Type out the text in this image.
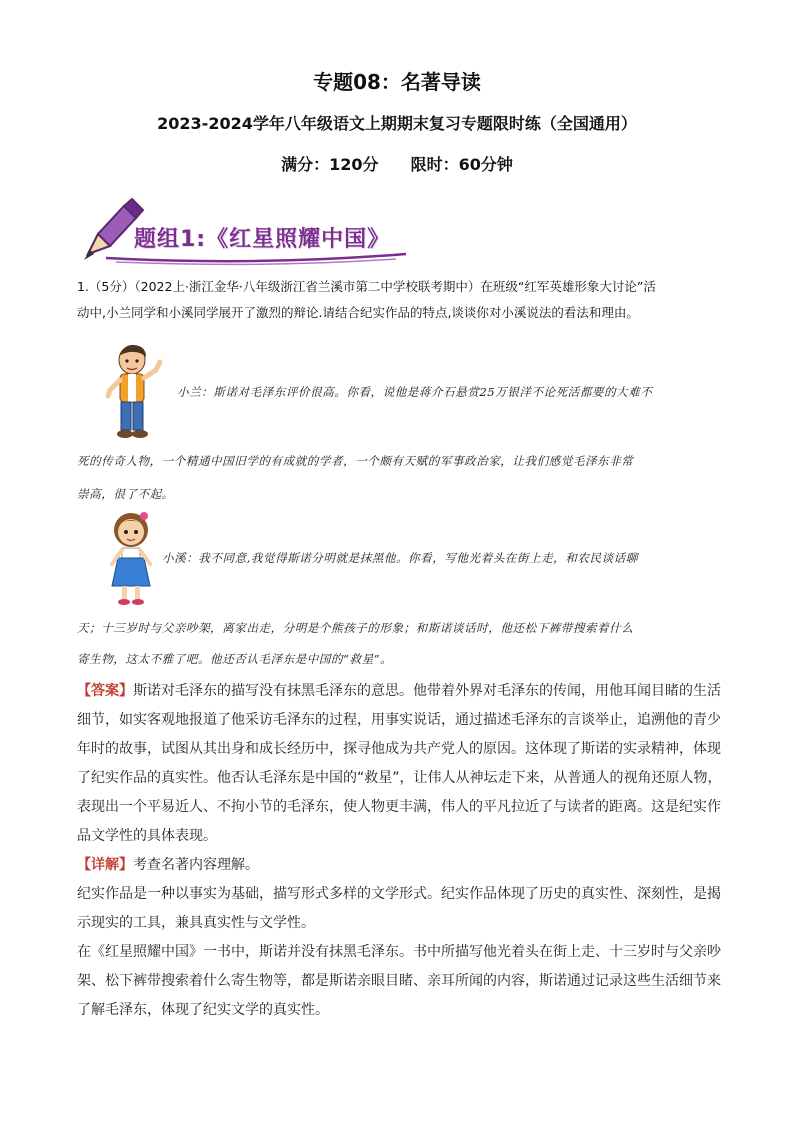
专题08：名著导读
2023-2024学年八年级语文上期期末复习专题限时练（全国通用）
满分：120分 限时：60分钟
题组1:《红星照耀中国》
1.（5分）（2022上·浙江金华·八年级浙江省兰溪市第二中学校联考期中）在班级“红军英雄形象大讨论”活
动中,小兰同学和小溪同学展开了激烈的辩论.请结合纪实作品的特点,谈谈你对小溪说法的看法和理由。
小兰：斯诺对毛泽东评价很高。你看，说他是蒋介石悬赏25万银洋不论死活都要的大难不
死的传奇人物，一个精通中国旧学的有成就的学者，一个颇有天赋的军事政治家，让我们感觉毛泽东非常
崇高，很了不起。
小溪：我不同意,我觉得斯诺分明就是抹黑他。你看，写他光着头在街上走，和农民谈话聊
天；十三岁时与父亲吵架，离家出走，分明是个熊孩子的形象；和斯诺谈话时，他还松下裤带搜索着什么
寄生物，这太不雅了吧。他还否认毛泽东是中国的“救星”。
【答案】斯诺对毛泽东的描写没有抹黑毛泽东的意思。他带着外界对毛泽东的传闻，用他耳闻目睹的生活
细节，如实客观地报道了他采访毛泽东的过程，用事实说话，通过描述毛泽东的言谈举止，追溯他的青少
年时的故事，试图从其出身和成长经历中，探寻他成为共产党人的原因。这体现了斯诺的实录精神，体现
了纪实作品的真实性。他否认毛泽东是中国的“救星”，让伟人从神坛走下来，从普通人的视角还原人物，
表现出一个平易近人、不拘小节的毛泽东，使人物更丰满，伟人的平凡拉近了与读者的距离。这是纪实作
品文学性的具体表现。
【详解】考查名著内容理解。
纪实作品是一种以事实为基础，描写形式多样的文学形式。纪实作品体现了历史的真实性、深刻性，是揭
示现实的工具，兼具真实性与文学性。
在《红星照耀中国》一书中，斯诺并没有抹黑毛泽东。书中所描写他光着头在街上走、十三岁时与父亲吵
架、松下裤带搜索着什么寄生物等，都是斯诺亲眼目睹、亲耳所闻的内容，斯诺通过记录这些生活细节来
了解毛泽东，体现了纪实文学的真实性。
